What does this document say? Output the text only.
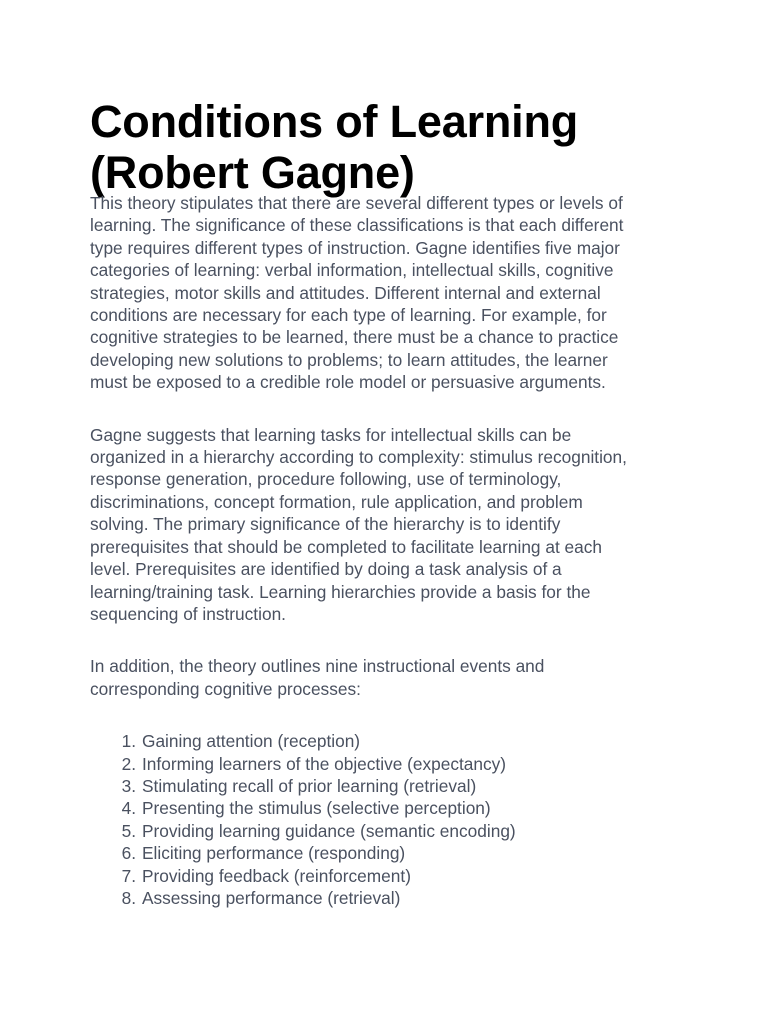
Conditions of Learning
(Robert Gagne)

This theory stipulates that there are several different types or levels of
learning. The significance of these classifications is that each different
type requires different types of instruction. Gagne identifies five major
categories of learning: verbal information, intellectual skills, cognitive
strategies, motor skills and attitudes. Different internal and external
conditions are necessary for each type of learning. For example, for
cognitive strategies to be learned, there must be a chance to practice
developing new solutions to problems; to learn attitudes, the learner
must be exposed to a credible role model or persuasive arguments.

Gagne suggests that learning tasks for intellectual skills can be
organized in a hierarchy according to complexity: stimulus recognition,
response generation, procedure following, use of terminology,
discriminations, concept formation, rule application, and problem
solving. The primary significance of the hierarchy is to identify
prerequisites that should be completed to facilitate learning at each
level. Prerequisites are identified by doing a task analysis of a
learning/training task. Learning hierarchies provide a basis for the
sequencing of instruction.

In addition, the theory outlines nine instructional events and
corresponding cognitive processes:

1. Gaining attention (reception)
2. Informing learners of the objective (expectancy)
3. Stimulating recall of prior learning (retrieval)
4. Presenting the stimulus (selective perception)
5. Providing learning guidance (semantic encoding)
6. Eliciting performance (responding)
7. Providing feedback (reinforcement)
8. Assessing performance (retrieval)
